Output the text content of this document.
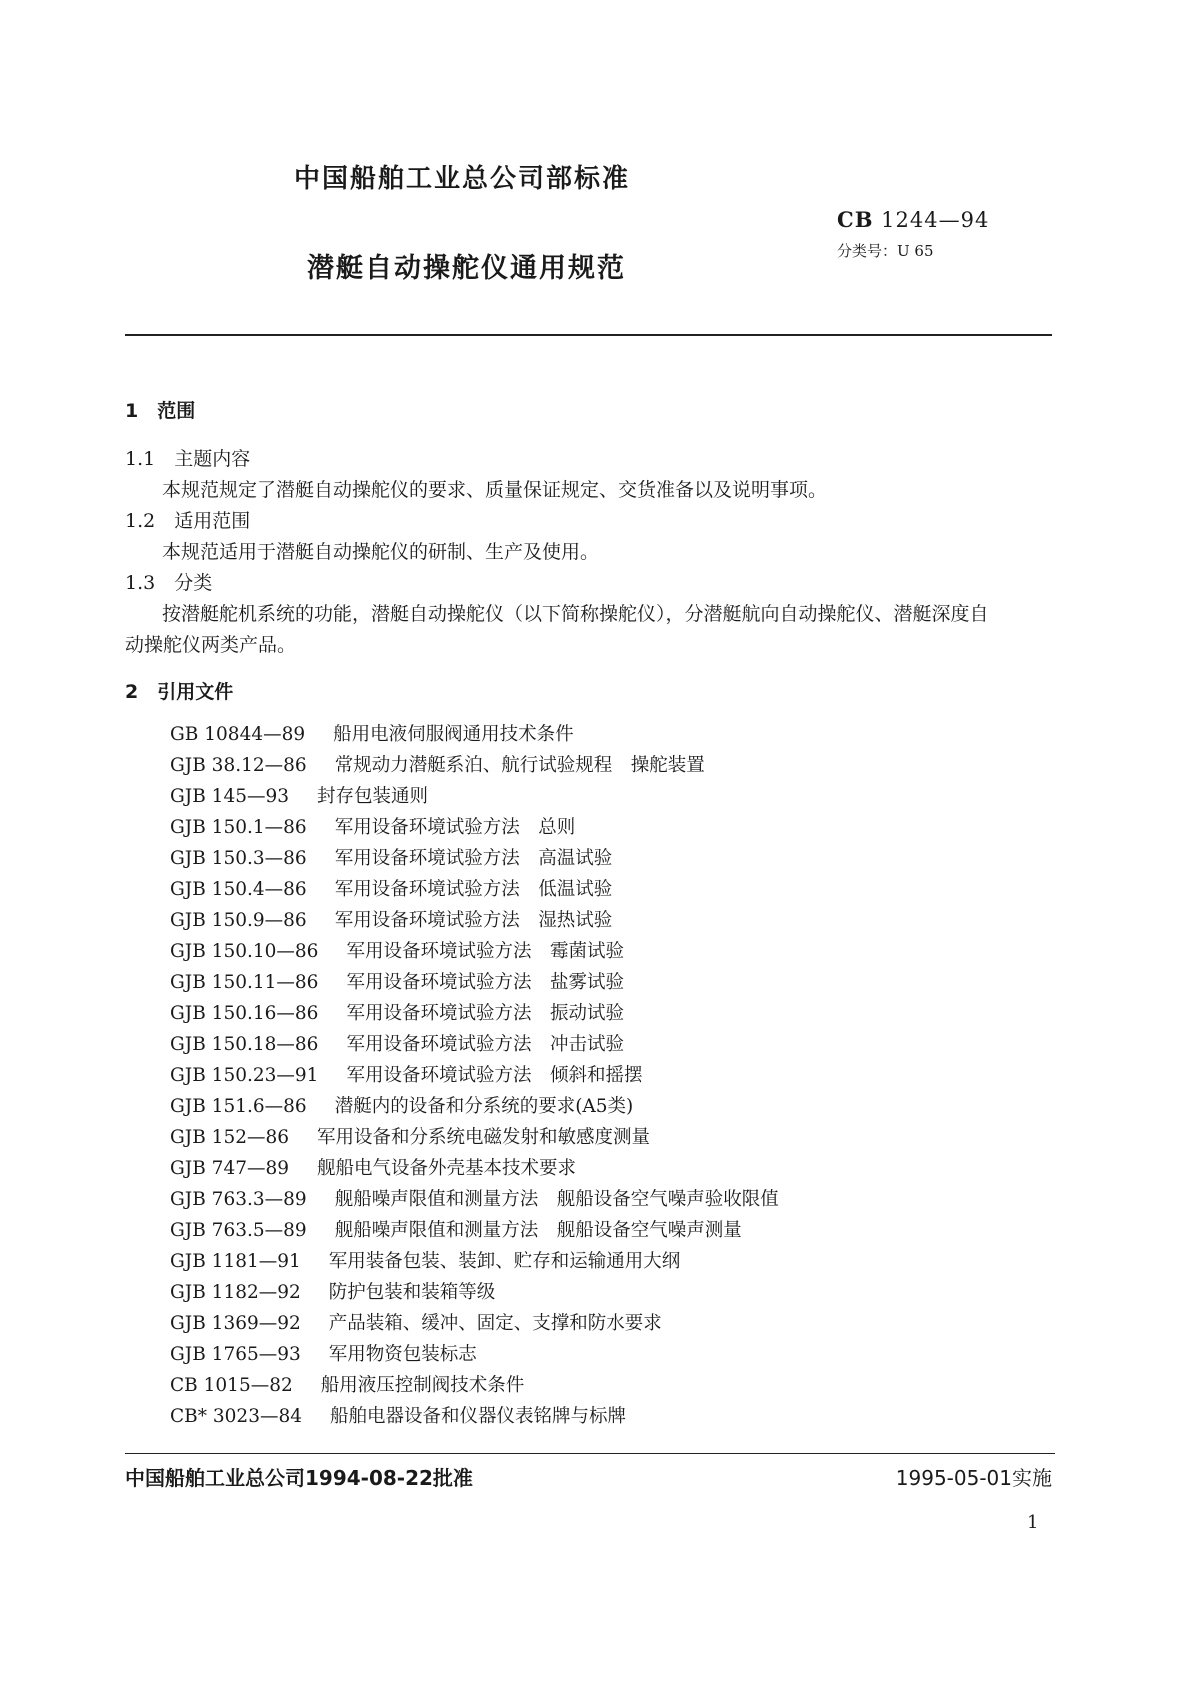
中国船舶工业总公司部标准
潜艇自动操舵仪通用规范
CB 1244—94
分类号：U 65
1　范围
1.1　主题内容
本规范规定了潜艇自动操舵仪的要求、质量保证规定、交货准备以及说明事项。
1.2　适用范围
本规范适用于潜艇自动操舵仪的研制、生产及使用。
1.3　分类
按潜艇舵机系统的功能，潜艇自动操舵仪（以下简称操舵仪），分潜艇航向自动操舵仪、潜艇深度自
动操舵仪两类产品。
2　引用文件
GB 10844—89 船用电液伺服阀通用技术条件
GJB 38.12—86 常规动力潜艇系泊、航行试验规程　操舵装置
GJB 145—93 封存包装通则
GJB 150.1—86 军用设备环境试验方法　总则
GJB 150.3—86 军用设备环境试验方法　高温试验
GJB 150.4—86 军用设备环境试验方法　低温试验
GJB 150.9—86 军用设备环境试验方法　湿热试验
GJB 150.10—86 军用设备环境试验方法　霉菌试验
GJB 150.11—86 军用设备环境试验方法　盐雾试验
GJB 150.16—86 军用设备环境试验方法　振动试验
GJB 150.18—86 军用设备环境试验方法　冲击试验
GJB 150.23—91 军用设备环境试验方法　倾斜和摇摆
GJB 151.6—86 潜艇内的设备和分系统的要求(A5类)
GJB 152—86 军用设备和分系统电磁发射和敏感度测量
GJB 747—89 舰船电气设备外壳基本技术要求
GJB 763.3—89 舰船噪声限值和测量方法　舰船设备空气噪声验收限值
GJB 763.5—89 舰船噪声限值和测量方法　舰船设备空气噪声测量
GJB 1181—91 军用装备包装、装卸、贮存和运输通用大纲
GJB 1182—92 防护包装和装箱等级
GJB 1369—92 产品装箱、缓冲、固定、支撑和防水要求
GJB 1765—93 军用物资包装标志
CB 1015—82 船用液压控制阀技术条件
CB* 3023—84 船舶电器设备和仪器仪表铭牌与标牌
中国船舶工业总公司1994-08-22批准	1995-05-01实施
1
